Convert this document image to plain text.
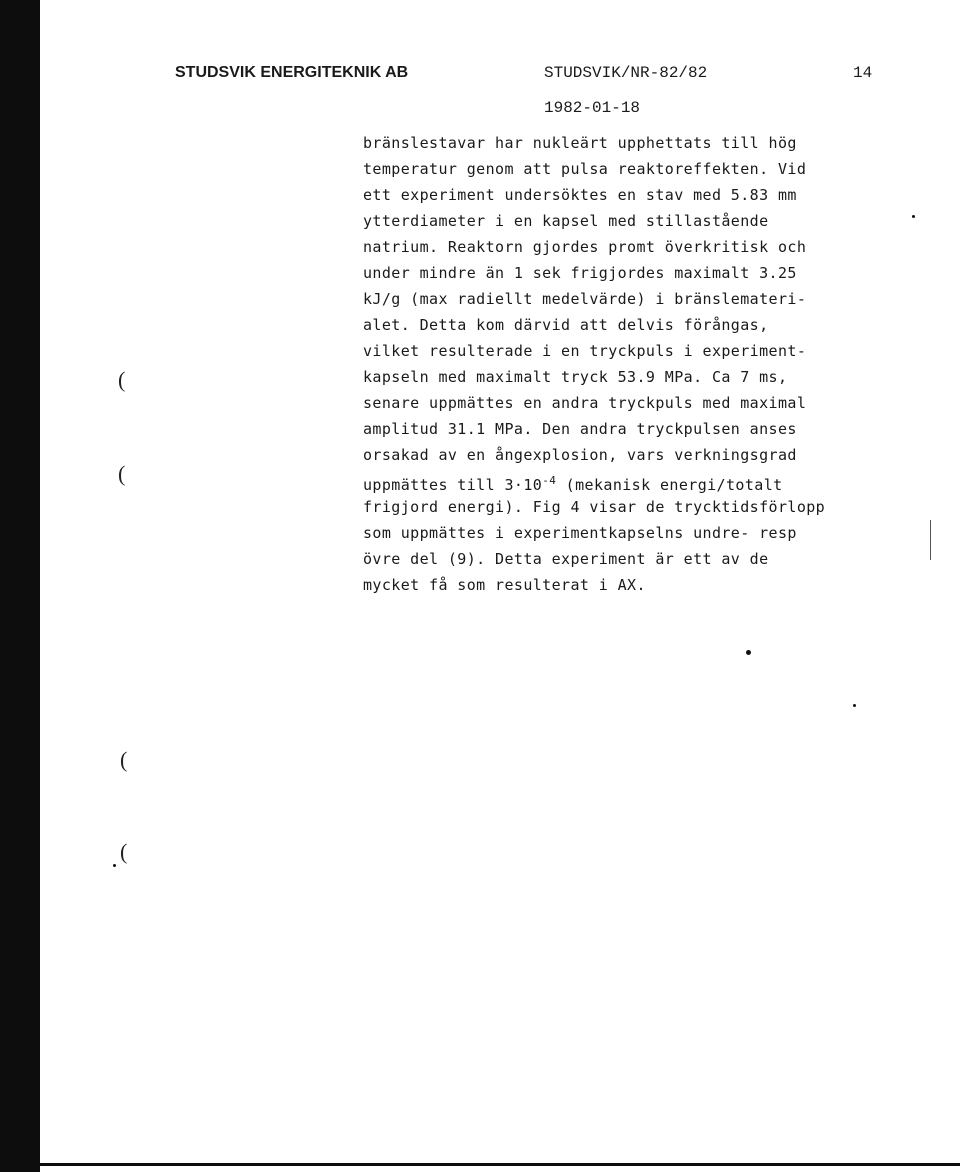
STUDSVIK ENERGITEKNIK AB	STUDSVIK/NR-82/82	14

1982-01-18

bränslestavar har nukleärt upphettats till hög
temperatur genom att pulsa reaktoreffekten. Vid
ett experiment undersöktes en stav med 5.83 mm
ytterdiameter i en kapsel med stillastående
natrium. Reaktorn gjordes promt överkritisk och
under mindre än 1 sek frigjordes maximalt 3.25
kJ/g (max radiellt medelvärde) i bränslemateri-
alet. Detta kom därvid att delvis förångas,
vilket resulterade i en tryckpuls i experiment-
kapseln med maximalt tryck 53.9 MPa. Ca 7 ms,
senare uppmättes en andra tryckpuls med maximal
amplitud 31.1 MPa. Den andra tryckpulsen anses
orsakad av en ångexplosion, vars verkningsgrad
uppmättes till $3\cdot 10^{-4}$ (mekanisk energi/totalt
frigjord energi). Fig 4 visar de trycktidsförlopp
som uppmättes i experimentkapselns undre- resp
övre del (9). Detta experiment är ett av de
mycket få som resulterat i AX.
(
(
(
(
